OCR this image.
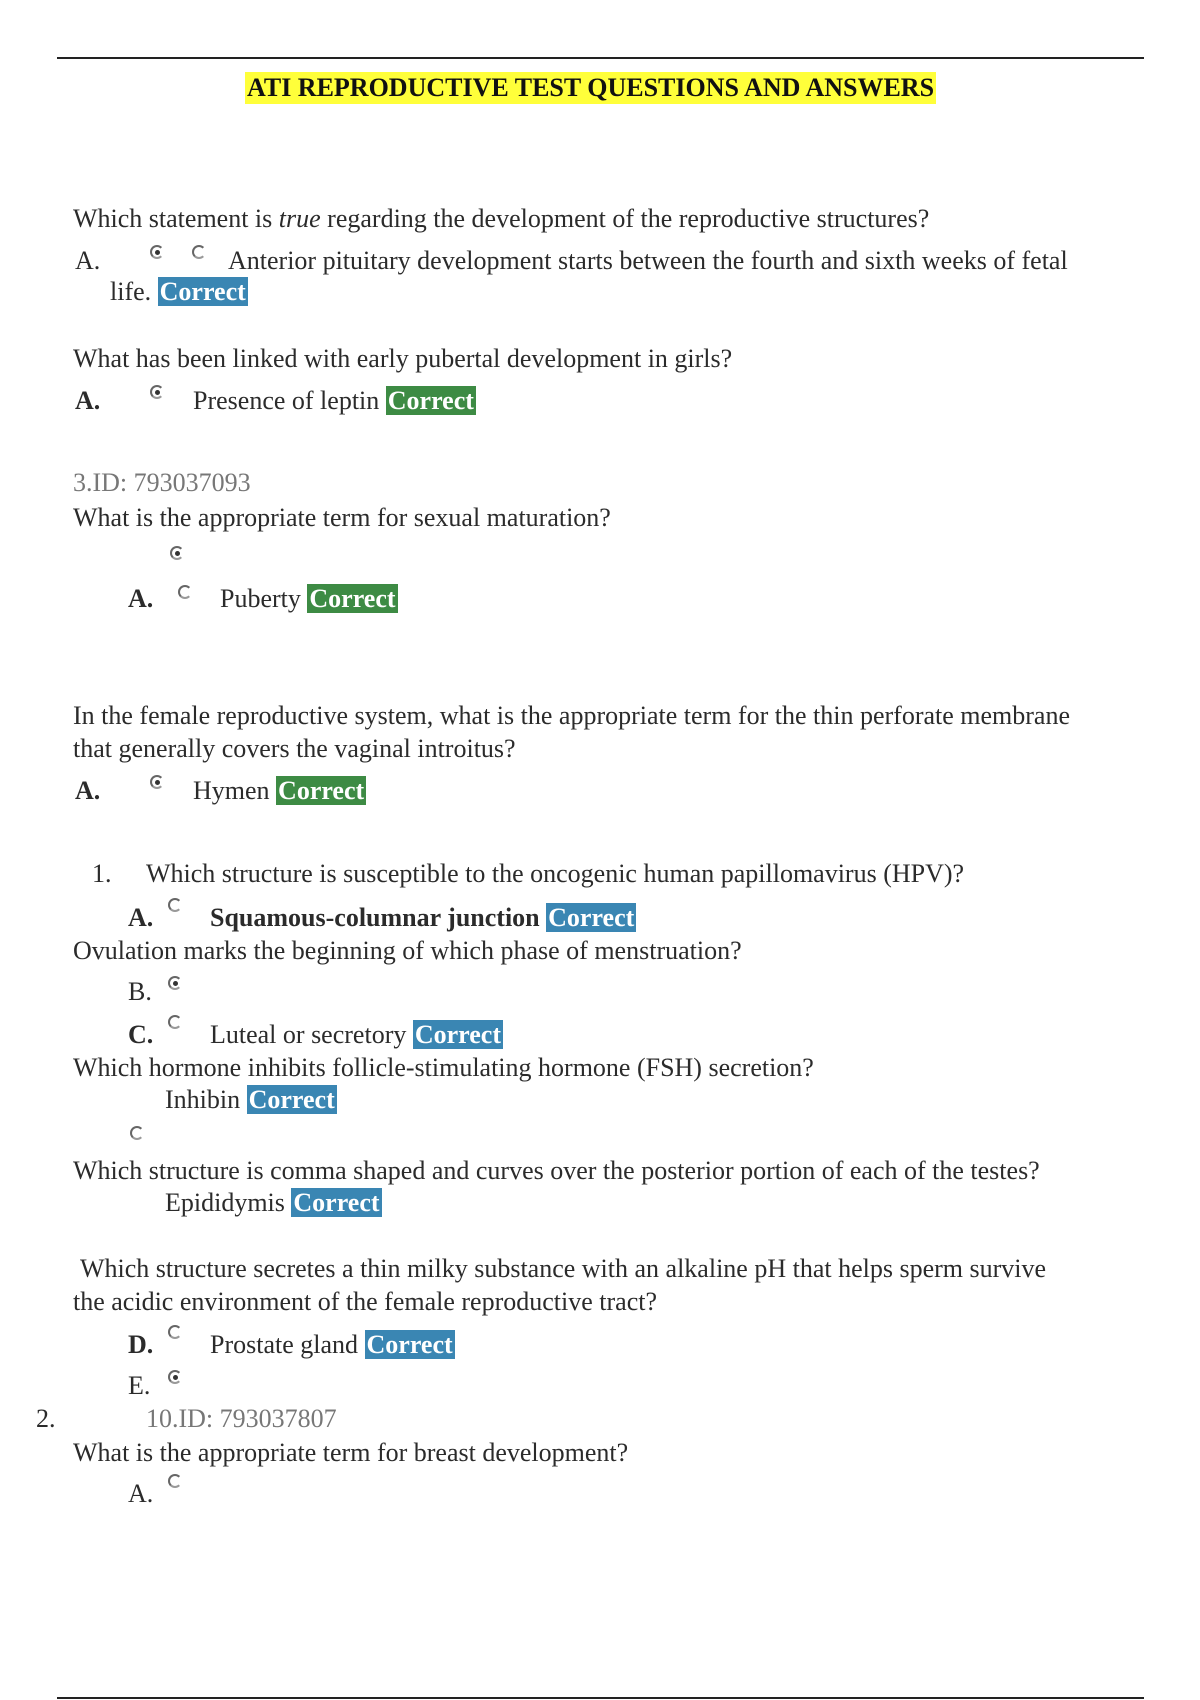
ATI REPRODUCTIVE TEST QUESTIONS AND ANSWERS
Which statement is true regarding the development of the reproductive structures?
A.	Anterior pituitary development starts between the fourth and sixth weeks of fetal
life. Correct
What has been linked with early pubertal development in girls?
A.	Presence of leptin Correct
3.ID: 793037093
What is the appropriate term for sexual maturation?
A.	Puberty Correct
In the female reproductive system, what is the appropriate term for the thin perforate membrane
that generally covers the vaginal introitus?
A.	Hymen Correct
1. Which structure is susceptible to the oncogenic human papillomavirus (HPV)?
A. Squamous-columnar junction Correct
Ovulation marks the beginning of which phase of menstruation?
B.
C. Luteal or secretory Correct
Which hormone inhibits follicle-stimulating hormone (FSH) secretion?
Inhibin Correct
Which structure is comma shaped and curves over the posterior portion of each of the testes?
Epididymis Correct
Which structure secretes a thin milky substance with an alkaline pH that helps sperm survive
the acidic environment of the female reproductive tract?
D. Prostate gland Correct
E.
2.	10.ID: 793037807
What is the appropriate term for breast development?
A.
